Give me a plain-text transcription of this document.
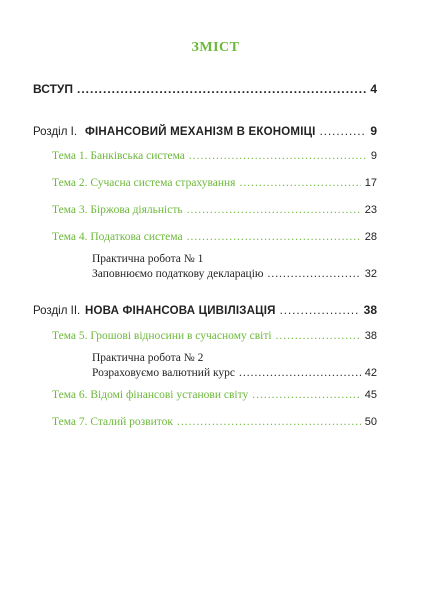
ЗМІСТ
ВСТУП .....	4
Розділ I. ФІНАНСОВИЙ МЕХАНІЗМ В ЕКОНОМІЦІ .....	9
Тема 1. Банківська система .....	9
Тема 2. Сучасна система страхування .....	17
Тема 3. Біржова діяльність .....	23
Тема 4. Податкова система .....	28
Практична робота № 1
Заповнюємо податкову декларацію .....	32
Розділ II. НОВА ФІНАНСОВА ЦИВІЛІЗАЦІЯ .....	38
Тема 5. Грошові відносини в сучасному світі .....	38
Практична робота № 2
Розраховуємо валютний курс .....	42
Тема 6. Відомі фінансові установи світу .....	45
Тема 7. Сталий розвиток .....	50
